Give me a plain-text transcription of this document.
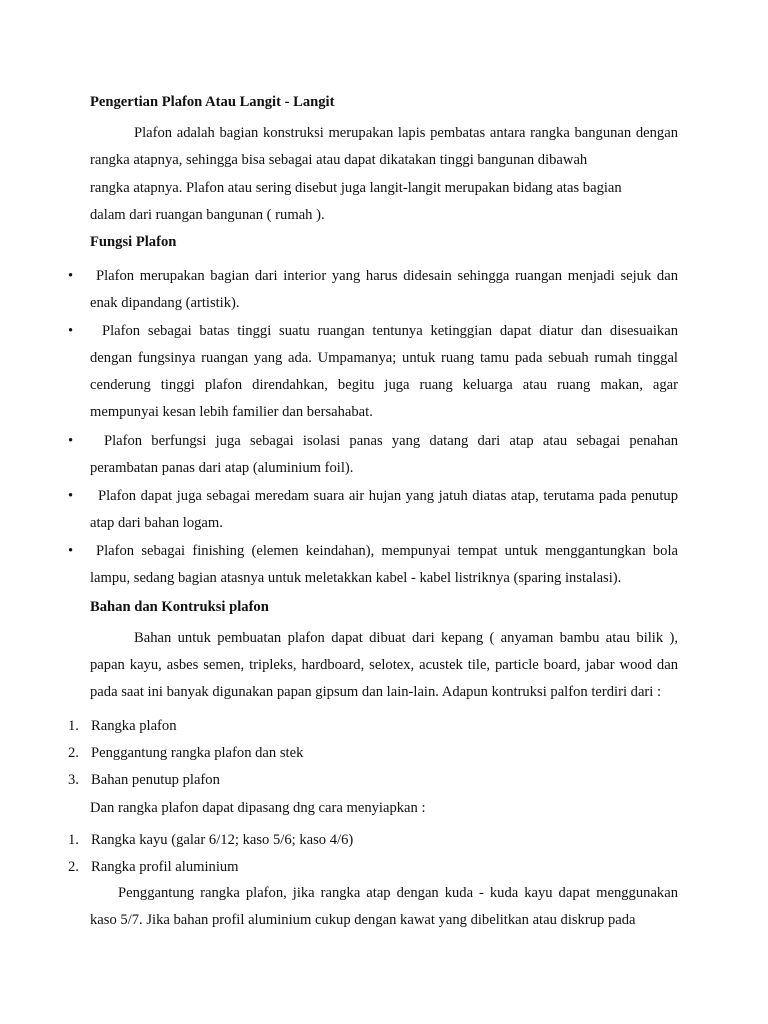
Pengertian Plafon Atau Langit - Langit
Plafon adalah bagian konstruksi merupakan lapis pembatas antara rangka bangunan dengan rangka atapnya, sehingga bisa sebagai atau dapat dikatakan tinggi bangunan dibawah
rangka atapnya. Plafon atau sering disebut juga langit-langit merupakan bidang atas bagian
dalam dari ruangan bangunan ( rumah ).
Fungsi Plafon
•	Plafon merupakan bagian dari interior yang harus didesain sehingga ruangan menjadi sejuk dan enak dipandang (artistik).
•	Plafon sebagai batas tinggi suatu ruangan tentunya ketinggian dapat diatur dan disesuaikan dengan fungsinya ruangan yang ada. Umpamanya; untuk ruang tamu pada sebuah rumah tinggal cenderung tinggi plafon direndahkan, begitu juga ruang keluarga atau ruang makan, agar mempunyai kesan lebih familier dan bersahabat.
•	Plafon berfungsi juga sebagai isolasi panas yang datang dari atap atau sebagai penahan perambatan panas dari atap (aluminium foil).
•	Plafon dapat juga sebagai meredam suara air hujan yang jatuh diatas atap, terutama pada penutup atap dari bahan logam.
•	Plafon sebagai finishing (elemen keindahan), mempunyai tempat untuk menggantungkan bola lampu, sedang bagian atasnya untuk meletakkan kabel - kabel listriknya (sparing instalasi).
Bahan dan Kontruksi plafon
Bahan untuk pembuatan plafon dapat dibuat dari kepang ( anyaman bambu atau bilik ), papan kayu, asbes semen, tripleks, hardboard, selotex, acustek tile, particle board, jabar wood dan pada saat ini banyak digunakan papan gipsum dan lain-lain. Adapun kontruksi palfon terdiri dari :
1. Rangka plafon
2. Penggantung rangka plafon dan stek
3. Bahan penutup plafon
Dan rangka plafon dapat dipasang dng cara menyiapkan :
1. Rangka kayu (galar 6/12; kaso 5/6; kaso 4/6)
2. Rangka profil aluminium
Penggantung rangka plafon, jika rangka atap dengan kuda - kuda kayu dapat menggunakan kaso 5/7. Jika bahan profil aluminium cukup dengan kawat yang dibelitkan atau diskrup pada
